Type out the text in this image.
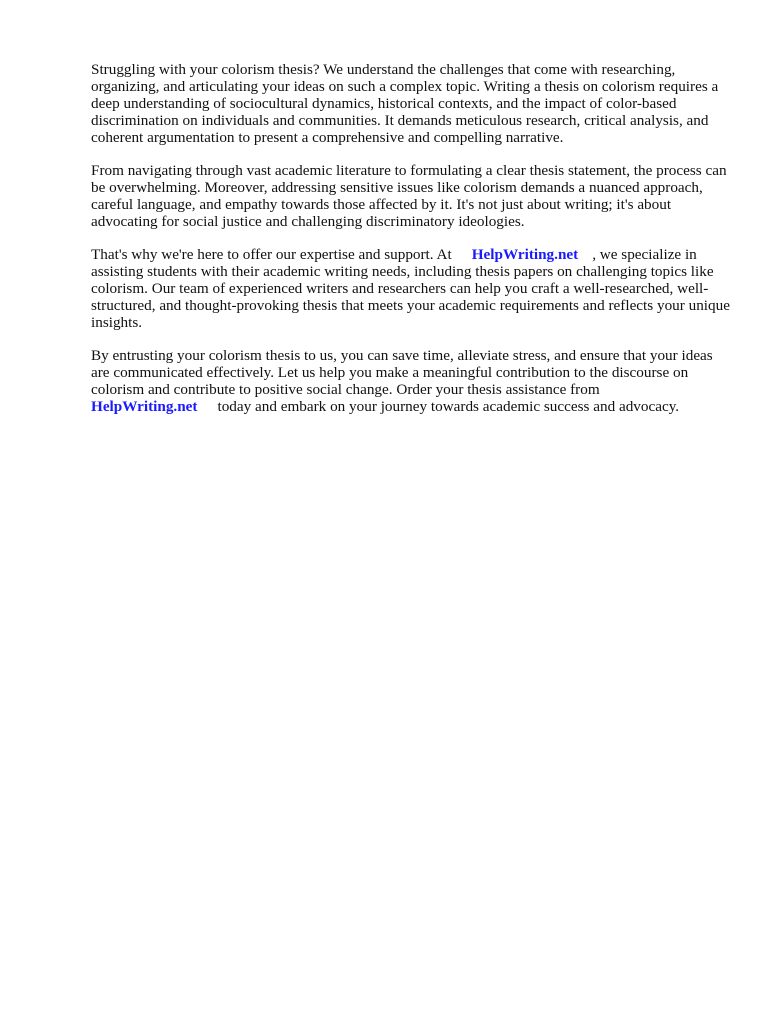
Struggling with your colorism thesis? We understand the challenges that come with researching, organizing, and articulating your ideas on such a complex topic. Writing a thesis on colorism requires a deep understanding of sociocultural dynamics, historical contexts, and the impact of color-based discrimination on individuals and communities. It demands meticulous research, critical analysis, and coherent argumentation to present a comprehensive and compelling narrative.

From navigating through vast academic literature to formulating a clear thesis statement, the process can be overwhelming. Moreover, addressing sensitive issues like colorism demands a nuanced approach, careful language, and empathy towards those affected by it. It's not just about writing; it's about advocating for social justice and challenging discriminatory ideologies.

That's why we're here to offer our expertise and support. At HelpWriting.net , we specialize in assisting students with their academic writing needs, including thesis papers on challenging topics like colorism. Our team of experienced writers and researchers can help you craft a well-researched, well-structured, and thought-provoking thesis that meets your academic requirements and reflects your unique insights.

By entrusting your colorism thesis to us, you can save time, alleviate stress, and ensure that your ideas are communicated effectively. Let us help you make a meaningful contribution to the discourse on colorism and contribute to positive social change. Order your thesis assistance from
HelpWriting.net today and embark on your journey towards academic success and advocacy.
